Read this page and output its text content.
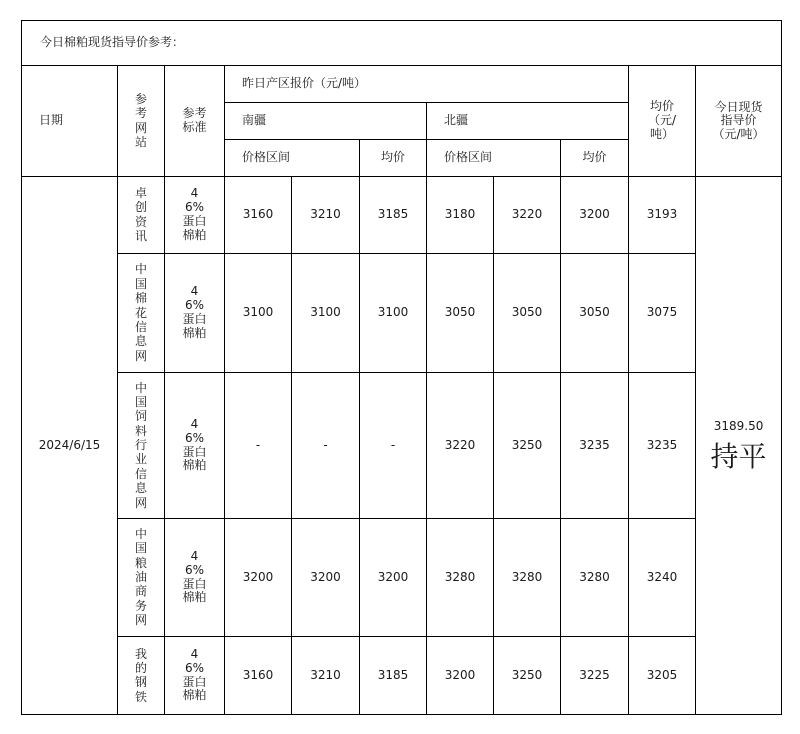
今日棉粕现货指导价参考：										
日期	参考网站	参考标准	昨日产区报价（元/吨）						均价（元/吨）	今日现货指导价（元/吨）
			南疆			北疆				
			价格区间		均价	价格区间		均价		
2024/6/15	卓创资讯	46%蛋白棉粕	3160	3210	3185	3180	3220	3200	3193	3189.50
持平
	中国棉花信息网	46%蛋白棉粕	3100	3100	3100	3050	3050	3050	3075	
	中国饲料行业信息网	46%蛋白棉粕	-	-	-	3220	3250	3235	3235	
	中国粮油商务网	46%蛋白棉粕	3200	3200	3200	3280	3280	3280	3240	
	我的钢铁	46%蛋白棉粕	3160	3210	3185	3200	3250	3225	3205	
